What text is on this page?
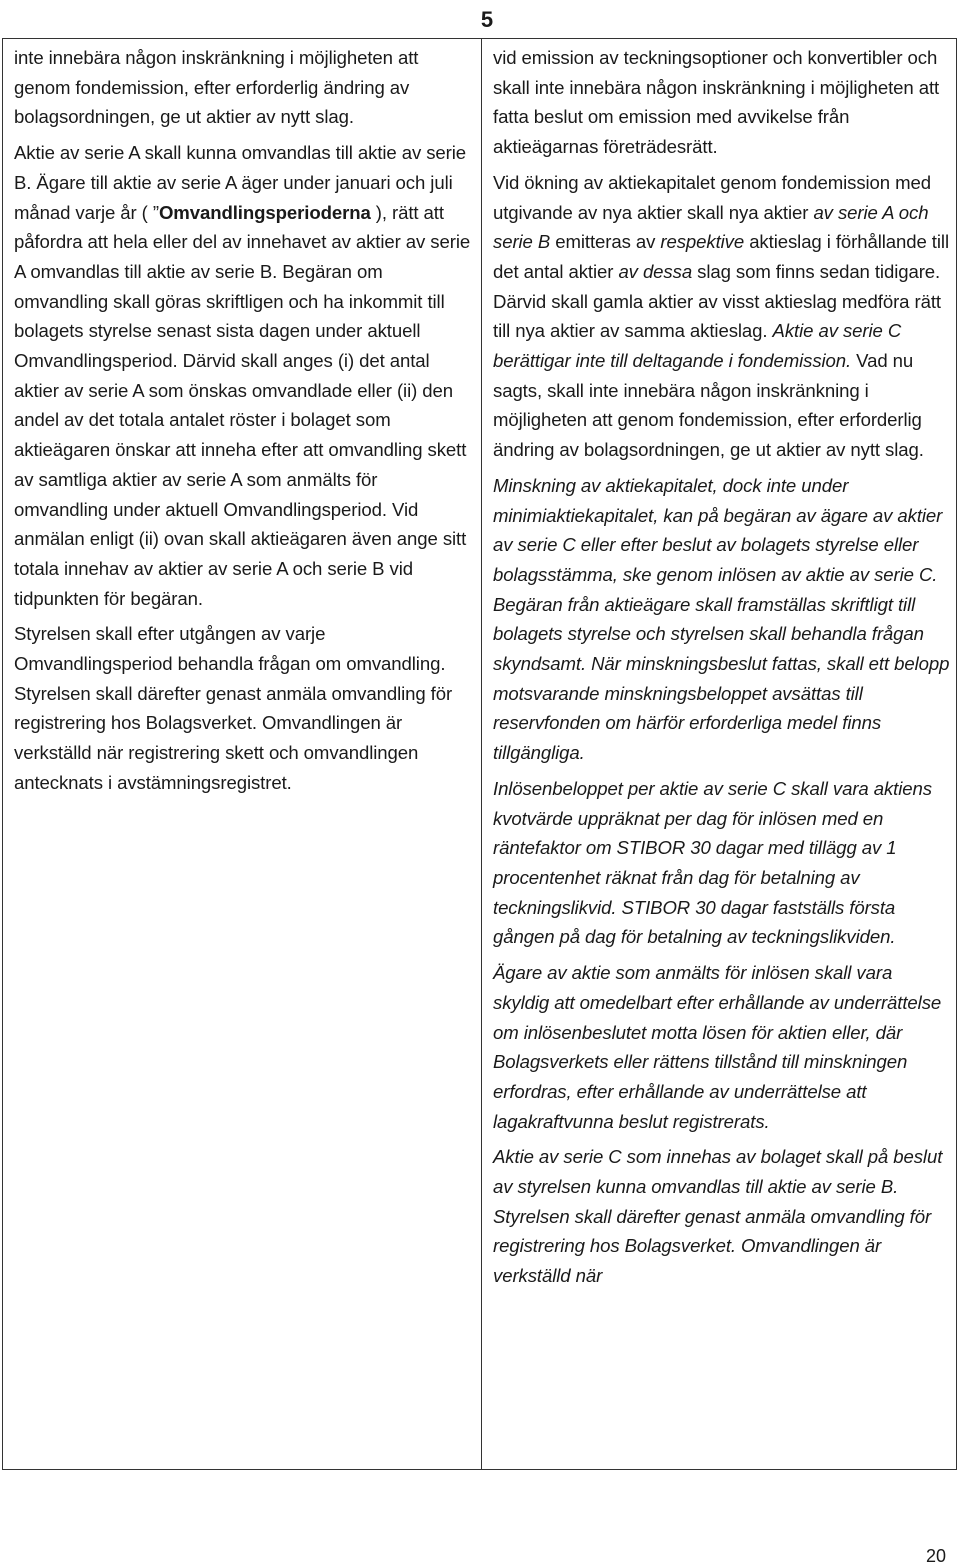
5

inte innebära någon inskränkning i möjligheten att genom fondemission, efter erforderlig ändring av bolagsordningen, ge ut aktier av nytt slag.

Aktie av serie A skall kunna omvandlas till aktie av serie B. Ägare till aktie av serie A äger under januari och juli månad varje år ( ”Omvandlingsperioderna ), rätt att påfordra att hela eller del av innehavet av aktier av serie A omvandlas till aktie av serie B. Begäran om omvandling skall göras skriftligen och ha inkommit till bolagets styrelse senast sista dagen under aktuell Omvandlingsperiod. Därvid skall anges (i) det antal aktier av serie A som önskas omvandlade eller (ii) den andel av det totala antalet röster i bolaget som aktieägaren önskar att inneha efter att omvandling skett av samtliga aktier av serie A som anmälts för omvandling under aktuell Omvandlingsperiod. Vid anmälan enligt (ii) ovan skall aktieägaren även ange sitt totala innehav av aktier av serie A och serie B vid tidpunkten för begäran.

Styrelsen skall efter utgången av varje Omvandlingsperiod behandla frågan om omvandling. Styrelsen skall därefter genast anmäla omvandling för registrering hos Bolagsverket. Omvandlingen är verkställd när registrering skett och omvandlingen antecknats i avstämningsregistret.

vid emission av teckningsoptioner och konvertibler och skall inte innebära någon inskränkning i möjligheten att fatta beslut om emission med avvikelse från aktieägarnas företrädesrätt.

Vid ökning av aktiekapitalet genom fondemission med utgivande av nya aktier skall nya aktier av serie A och serie B emitteras av respektive aktieslag i förhållande till det antal aktier av dessa slag som finns sedan tidigare. Därvid skall gamla aktier av visst aktieslag medföra rätt till nya aktier av samma aktieslag. Aktie av serie C berättigar inte till deltagande i fondemission. Vad nu sagts, skall inte innebära någon inskränkning i möjligheten att genom fondemission, efter erforderlig ändring av bolagsordningen, ge ut aktier av nytt slag.

Minskning av aktiekapitalet, dock inte under minimiaktiekapitalet, kan på begäran av ägare av aktier av serie C eller efter beslut av bolagets styrelse eller bolagsstämma, ske genom inlösen av aktie av serie C. Begäran från aktieägare skall framställas skriftligt till bolagets styrelse och styrelsen skall behandla frågan skyndsamt. När minskningsbeslut fattas, skall ett belopp motsvarande minskningsbeloppet avsättas till reservfonden om härför erforderliga medel finns tillgängliga.

Inlösenbeloppet per aktie av serie C skall vara aktiens kvotvärde uppräknat per dag för inlösen med en räntefaktor om STIBOR 30 dagar med tillägg av 1 procentenhet räknat från dag för betalning av teckningslikvid. STIBOR 30 dagar fastställs första gången på dag för betalning av teckningslikviden.

Ägare av aktie som anmälts för inlösen skall vara skyldig att omedelbart efter erhållande av underrättelse om inlösenbeslutet motta lösen för aktien eller, där Bolagsverkets eller rättens tillstånd till minskningen erfordras, efter erhållande av underrättelse att lagakraftvunna beslut registrerats.

Aktie av serie C som innehas av bolaget skall på beslut av styrelsen kunna omvandlas till aktie av serie B. Styrelsen skall därefter genast anmäla omvandling för registrering hos Bolagsverket. Omvandlingen är verkställd när

20
